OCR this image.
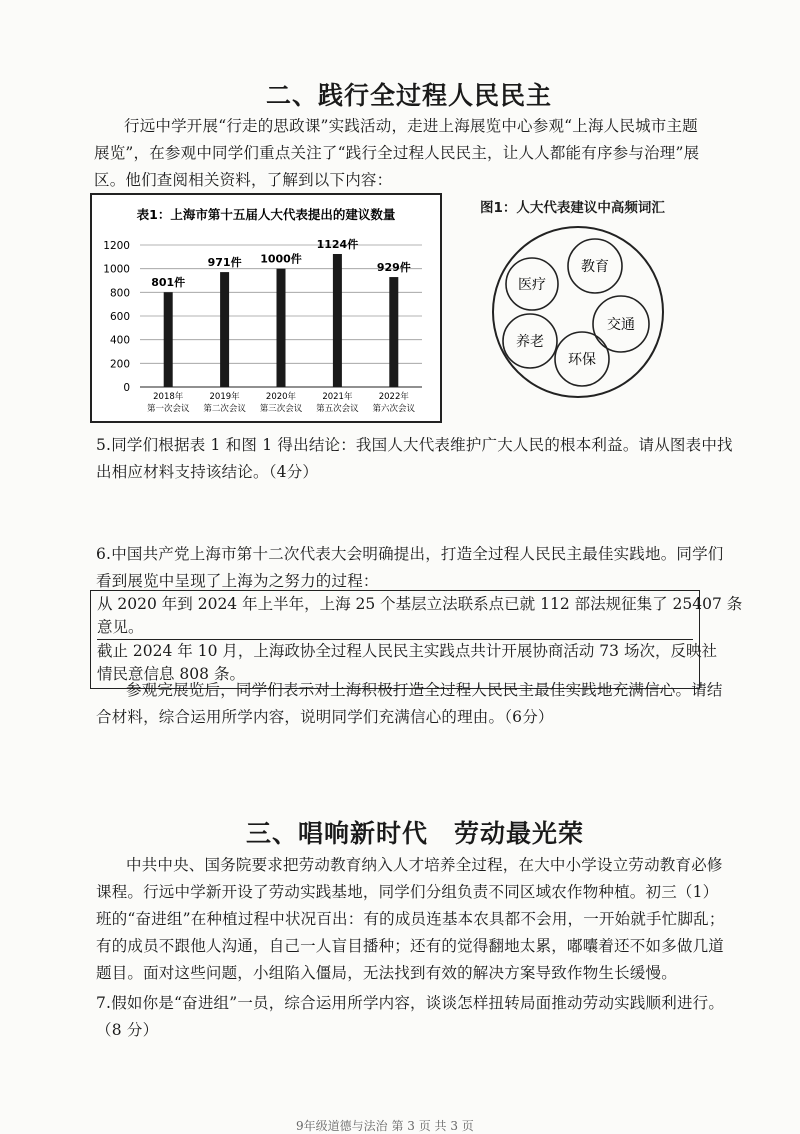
二、践行全过程人民民主
行远中学开展“行走的思政课”实践活动，走进上海展览中心参观“上海人民城市主题
展览”，在参观中同学们重点关注了“践行全过程人民民主，让人人都能有序参与治理”展
区。他们查阅相关资料，了解到以下内容：
表1：上海市第十五届人大代表提出的建议数量
0
200
400
600
800
1000
1200
801件
2018年
第一次会议
971件
2019年
第二次会议
1000件
2020年
第三次会议
1124件
2021年
第五次会议
929件
2022年
第六次会议
图1：人大代表建议中高频词汇
医疗
教育
交通
养老
环保
5.同学们根据表 1 和图 1 得出结论：我国人大代表维护广大人民的根本利益。请从图表中找
出相应材料支持该结论。（4分）
6.中国共产党上海市第十二次代表大会明确提出，打造全过程人民民主最佳实践地。同学们
看到展览中呈现了上海为之努力的过程：
从 2020 年到 2024 年上半年，上海 25 个基层立法联系点已就 112 部法规征集了 25407 条
意见。
截止 2024 年 10 月，上海政协全过程人民民主实践点共计开展协商活动 73 场次，反映社
情民意信息 808 条。
参观完展览后，同学们表示对上海积极打造全过程人民民主最佳实践地充满信心。请结
合材料，综合运用所学内容，说明同学们充满信心的理由。（6分）
三、唱响新时代　劳动最光荣
中共中央、国务院要求把劳动教育纳入人才培养全过程，在大中小学设立劳动教育必修
课程。行远中学新开设了劳动实践基地，同学们分组负责不同区域农作物种植。初三（1）
班的“奋进组”在种植过程中状况百出：有的成员连基本农具都不会用，一开始就手忙脚乱；
有的成员不跟他人沟通，自己一人盲目播种；还有的觉得翻地太累，嘟囔着还不如多做几道
题目。面对这些问题，小组陷入僵局，无法找到有效的解决方案导致作物生长缓慢。
7.假如你是“奋进组”一员，综合运用所学内容，谈谈怎样扭转局面推动劳动实践顺利进行。
（8 分）
9年级道德与法治 第 3 页 共 3 页
